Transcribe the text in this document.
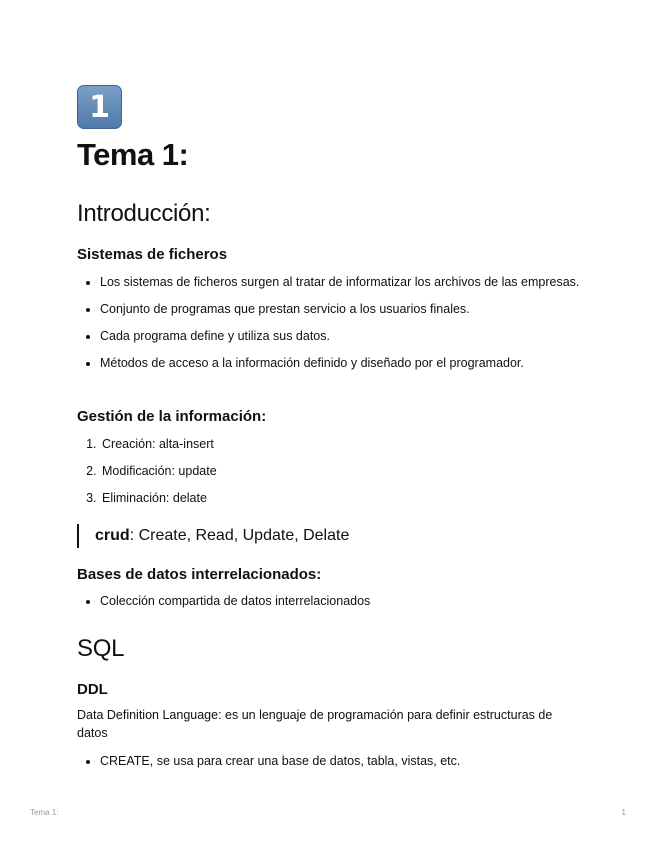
1
Tema 1:
Introducción:
Sistemas de ficheros
• Los sistemas de ficheros surgen al tratar de informatizar los archivos de las empresas.
• Conjunto de programas que prestan servicio a los usuarios finales.
• Cada programa define y utiliza sus datos.
• Métodos de acceso a la información definido y diseñado por el programador.
Gestión de la información:
1. Creación: alta-insert
2. Modificación: update
3. Eliminación: delate
crud: Create, Read, Update, Delate
Bases de datos interrelacionados:
• Colección compartida de datos interrelacionados
SQL
DDL
Data Definition Language: es un lenguaje de programación para definir estructuras de datos
• CREATE, se usa para crear una base de datos, tabla, vistas, etc.
Tema 1:	1
